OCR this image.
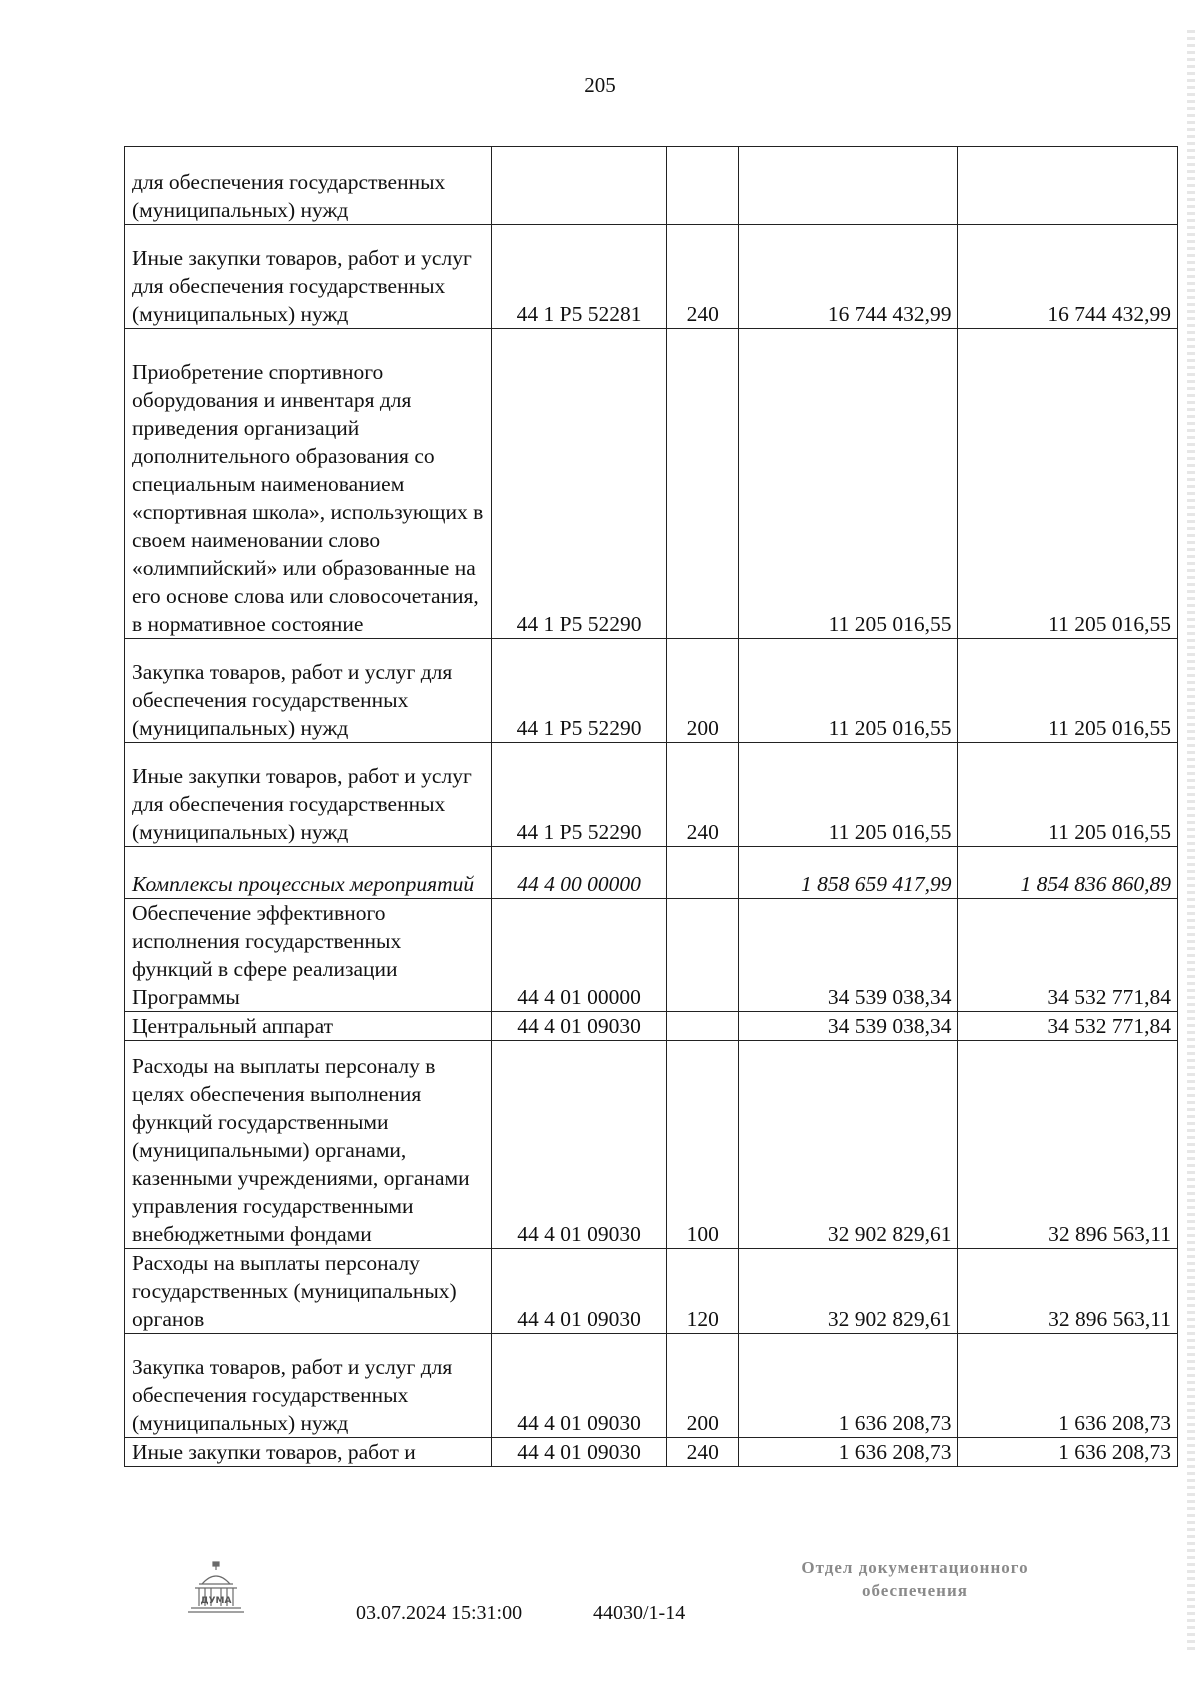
205
для обеспечения государственных (муниципальных) нужд				
Иные закупки товаров, работ и услуг для обеспечения государственных (муниципальных) нужд	44 1 Р5 52281	240	16 744 432,99	16 744 432,99
Приобретение спортивного оборудования и инвентаря для приведения организаций дополнительного образования со специальным наименованием «спортивная школа», использующих в своем наименовании слово «олимпийский» или образованные на его основе слова или словосочетания, в нормативное состояние	44 1 Р5 52290		11 205 016,55	11 205 016,55
Закупка товаров, работ и услуг для обеспечения государственных (муниципальных) нужд	44 1 Р5 52290	200	11 205 016,55	11 205 016,55
Иные закупки товаров, работ и услуг для обеспечения государственных (муниципальных) нужд	44 1 Р5 52290	240	11 205 016,55	11 205 016,55
Комплексы процессных мероприятий	44 4 00 00000		1 858 659 417,99	1 854 836 860,89
Обеспечение эффективного исполнения государственных функций в сфере реализации Программы	44 4 01 00000		34 539 038,34	34 532 771,84
Центральный аппарат	44 4 01 09030		34 539 038,34	34 532 771,84
Расходы на выплаты персоналу в целях обеспечения выполнения функций государственными (муниципальными) органами, казенными учреждениями, органами управления государственными внебюджетными фондами	44 4 01 09030	100	32 902 829,61	32 896 563,11
Расходы на выплаты персоналу государственных (муниципальных) органов	44 4 01 09030	120	32 902 829,61	32 896 563,11
Закупка товаров, работ и услуг для обеспечения государственных (муниципальных) нужд	44 4 01 09030	200	1 636 208,73	1 636 208,73
Иные закупки товаров, работ и	44 4 01 09030	240	1 636 208,73	1 636 208,73
ДУМА
03.07.2024 15:31:00	44030/1-14
Отдел документационного
обеспечения
